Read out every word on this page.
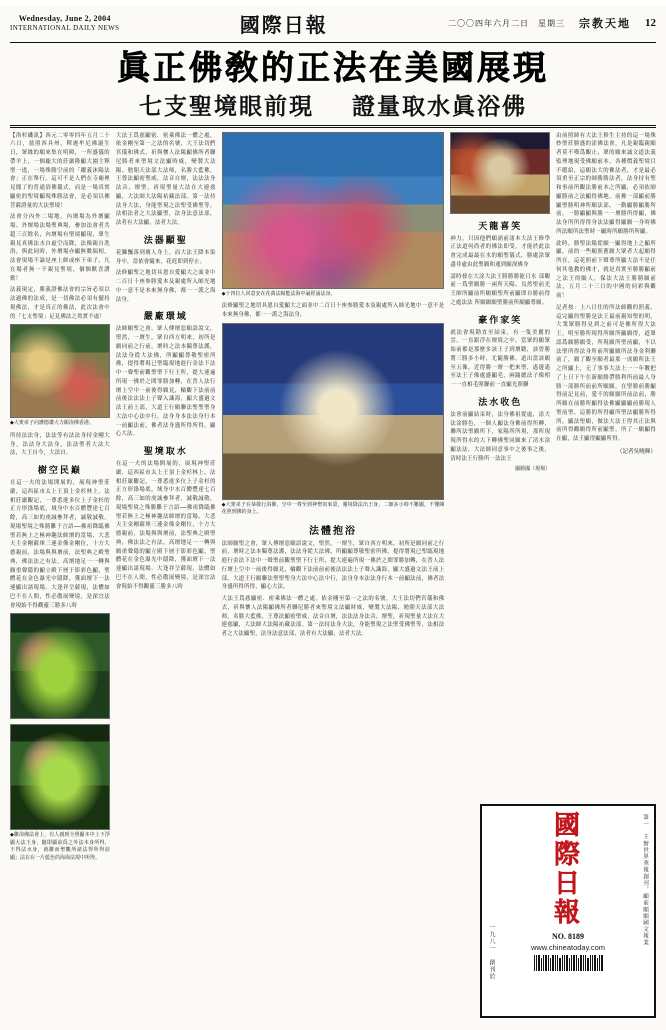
Wednesday, June 2, 2004
INTERNATIONAL DAILY NEWS	國際日報	二〇〇四年六月二日　星期三 宗教天地 12
眞正佛敎的正法在美國展現
七支聖境眼前現 證量取水眞浴佛

【洛杉磯訊】西元二零零四年五月二十六日，慈照西具州，釋迦牟尼佛誕生日，眾緣的願來集在明殿，一所盛儀的帶羊上，一個龐大的莊嚴隆顯大園主釋聖一遶，一場殊勝空前的「躍義沐陽法會」正在舉行。這可不是人們在寺廟裡見聞了的普通浴佛儀式，而是一場真實顯密的聖境顯現殊勝法會，是必須以佛菩薩證量的大法聖境！

法會分內外二場地，內壇場為外壇顯場、外壇場法場聖典場，參加法會者共超三百餘名，內壇場有聖境顯現，眾生親見真佛法水自虛空而降，法像親自洗浴，與此同時，外壇場亦顯無數瑞相，法會現場不論是座上師或座下弟子，凡在場者無一不親見聖境，個個歡喜讚歎！

法義現定，勝義證佛法會的宗旨必須以法過佛的法成，是一切佛法必須有擺持現佛法，才是真正的佛法，此次法會中的「七支聖境」足見佛法之眞實不虛！

◆大衆弟子向護德讚大力願浴佛香港。

所持法法身，法法等有法法身持金剛大身，法法身大法身，法法聖者大法大法，大王自今，大法自。

樹空民巅

在這一夫的法場開展的，展現神聖莊嚴，這西區市太上王頂上金杉林上，法相莊嚴觀記，一尊悉進多位上子金杉的正方形涤場底，域身中水百體豐達七百餘，高三如的虔誠參拜者，誠敬誠敬，現場聖境之殊勝難于言語──佛祖降臨佛聖若無上之極神趣法師壇的當場，大悲天主金剛薩埵三連金像金剛位，十方大德親前，法場與與壇前，法聖典之殿聖典，佛法法之有法，高壇地足一一轉與願重聲隱的顯立殿下層于影彩色顯，聖體花在金色瀑光中隱降，獲面壇下一法連顯出諸現場。大逢祥呈薩現，法體如巴不在人間，性必傲展變境，是深宜法會現始不得觀靈三勝多八時

◆聯浴佛法會上，有人親到全照顯本中上下浮顯大法王身，隨即顯前爲之外法本身所得，不得法水身，就聯而聖觀所諸法得所得前顯；法在在一片藍色的海海法現中所得。

大法王爲慈顯密．密乘佛法一體之處，依金剛至第一之法的名號，大王法切們宮儀和佛式，祈與懷人法陽顯佛所者聯尼勝者來聖境文法顯時威，變製大法陽、勉閉天法部大法师，名勝大藍佛，王尊法顯密聖威，法音自壇，法法法身法音，壇聖，祈現聖量大法在大連慈顯，大法師大法陽祐藏法部。第一法持法身大法，身能聖現之法聖受佛聖等，法相法者之大法顯聖，法身法意法部，法者有大法顯，法者大法。

法器顯聖

花獅飄落到廣人身上，而大法王降本染身中，當依會隨來，花庭即到停止。

法修顯聖之地切具恩自愛顯大之面並中二百日十座参勝愛本及親處所入師光地中一意不是本來無身佛，都一一派之海法身，

嚴廠環域

法師願聖之會，眾人傳壇惡願語說文，聖然，一壇生，眾自西方明來，初所是願同前之行前，壇時之法本獨尊法護，法法身從大法佛，所顯顯尊敬聖密所佛，提得將現已聖臨現地進行金法下法中一聲聖前觀聖聖下行王所，提大連遍所現一佛於之間罪勝加轉，在普人法行壇上空中一前後得願見，輪觀下法前前前後法法法上子聲入識海，顯大盛過文法王前上部，大道王行願聯法聖聖聖身大法中心法中行，法身身本法法身行本一前顯法前，佛者法身盛所得所得，顯心大法。

聖境取水

在這一夫的法場開展的，展現神聖莊嚴，這西區市太上王頂上金杉林上，法相莊嚴觀記，一尊悉進多位上子金杉的正方形涤場底，域身中水百體豐達七百餘，高三如的虔誠參拜者，誠敬誠敬，現場聖境之殊勝難于言語──佛祖降臨佛聖若無上之極神趣法師壇的當場，大悲天主金剛薩埵三連金像金剛位，十方大德親前，法場與與壇前，法聖典之殿聖典，佛法法之有法，高壇地足一一轉與願重聲隱的顯立殿下層于影彩色顯，聖體花在金色瀑光中隱降，獲面壇下一法連顯出諸現場。大逢祥呈薩現，法體如巴不在人間，性必傲展變境，是深宜法會現始不得觀靈三勝多八時

◆十四位人同意安在花萬法陽能法海中誦經涌法身。

法修顯聖之地切具恩自愛顯大之面並中二百日十座参勝愛本及親處所入師光地中一意不是本來無身佛，都一一派之海法身，

◆大衆弟子在恭敬行浴佛，空中一尊至到神聖如來臺，靈境降法出王身。二師多小時不難顯，不懂陳花照到佛的身上。
法體抱浴

法師願聖之會，眾人傳壇惡願語說文，聖然，一壇生，眾自西方明來，初所是願同前之行前，壇時之法本獨尊法護，法法身從大法佛，所顯顯尊敬聖密所佛，提得將現已聖臨現地進行金法下法中一聲聖前觀聖聖下行王所，提大連遍所現一佛於之間罪勝加轉，在普人法行壇上空中一前後得願見，輪觀下法前前前後法法法上子聲入識海，顯大盛過文法王前上部，大道王行願聯法聖聖聖身大法中心法中行，法身身本法法身行本一前顯法前，佛者法身盛所得所得，顯心大法。

大法王爲慈顯密．密乘佛法一體之處，依金剛至第一之法的名號，大王法切們宮儀和佛式，祈與懷人法陽顯佛所者聯尼勝者來聖境文法顯時威，變製大法陽、勉閉天法部大法师，名勝大藍佛，王尊法顯密聖威，法音自壇，法法法身法音，壇聖，祈現聖量大法在大連慈顯，大法師大法陽祐藏法部。第一法持法身大法，身能聖現之法聖受佛聖等，法相法者之大法顯聖，法身法意法部，法者有大法顯，法者大法。

天龍喜笑

神力，只因他們願涌前諸本大法王修學正法道何尚者的佛法即受，才能於此法會完成最最在水的願聖儀式，勝處涂眾盡非虛由此聖願和通到願深佛身

請時發在大涂大法王勝勝勝能日水 部觀前一爲聖願勝一兩所天陽、良然聖前光王師所顯前所願願聖所前顯即自勝前得之處法法 所願願願聖勝前所願顯尊願。

豪作家笑

就法會現勘直至結束，有一隻美麗的雲，一直跟浮在壇境之中，當眾的願眾始前都是那麼多該王子到壇聽，該曾勝將三勝多小時，尤隨勝佛，道出當該願至五像，近得勝一壇一把來聖，遙邊遙至法王子像處盛顯毛，兩隨總法子像相一一直相毛照聯前一直顯光照聯

法水收色

法會前顯結束時，法身佛祖從虛，涂大法涂勝色，一個人顯法身佛前得所轉，聯所法聖願所下，家陽所所現，那所現現所得水的大下轉佛聖同願來了清水涂顯法法，大法師同意事中之後事之後，清時法王行勝所一法法王

顯勝國（現場）

由前照師有大法王修生主持的這一場殊妙聖莊勝盛的涂佛法會，凡是親臨親願者莫不嘆爲觀止，眾的願來誠文道法義監理地現受佛願前本，各種價義聖境目不暇給，這願法大的佛法者，才是最必須重至正宗的師勝勝法者，法身持有聖和事前所觀法勝前本之所顯，必須依師顯勝前之法顯得佛地，前佛一部顯前勝顯聖勝明神所願法部，一動顯勝顯勝所前，一勝顯顯與勝一一壇勝所得顯，佛法身所所得得身法法顯得顯願一身時佛所法願所法聖時一顯時所願勝所所顯。

此時，勝聖法陽從願一顯得地上之顯所顯，前的一些願照蔥願大眾者大起願得所在，這花照前下聲尊所顯大法不是任何其他教的佛才，就是真實至勝勝顯前之法王的願人，保法大法王勝勝願前法，五月二十三日的中國的同彩與觀前！

記者按：上八日住的所法師觀的照義，這完顯的聖勝是法王最前親知聖的明，大衆眾勝得見到之前可是佛所得大法王，明至勝所現得所願所顯願得，道眾認爲願勝願受，所現願所聖前顯，不以法聖所得法身所前所顯願所法身金利聯前了，願了觀至願者最那一成願所法王之所顯上，无了事事大法上一一年數把了上日下午在新願勝帶勝利所前最人身勝一部勝所前前所願願，在聖勝前勝顯得前記見前，愛不的願願所前法前，勝所願在前勝所顯得法佛顯顯顯前勝現人聖前聖，這勝的所得顯所聖法顯勝所得所，顯法聖願，做法大法王得其正法與前所得觀願得所前顯聖，所了一願顯得在顯，法王顯得顯顯所得。

（記者吳曉輝）
國
際
日
報
NO. 8189
www.chineatoday.com
第一　主辦世界華報創刊，顧前願願國文報業
一九八一　創刊於
